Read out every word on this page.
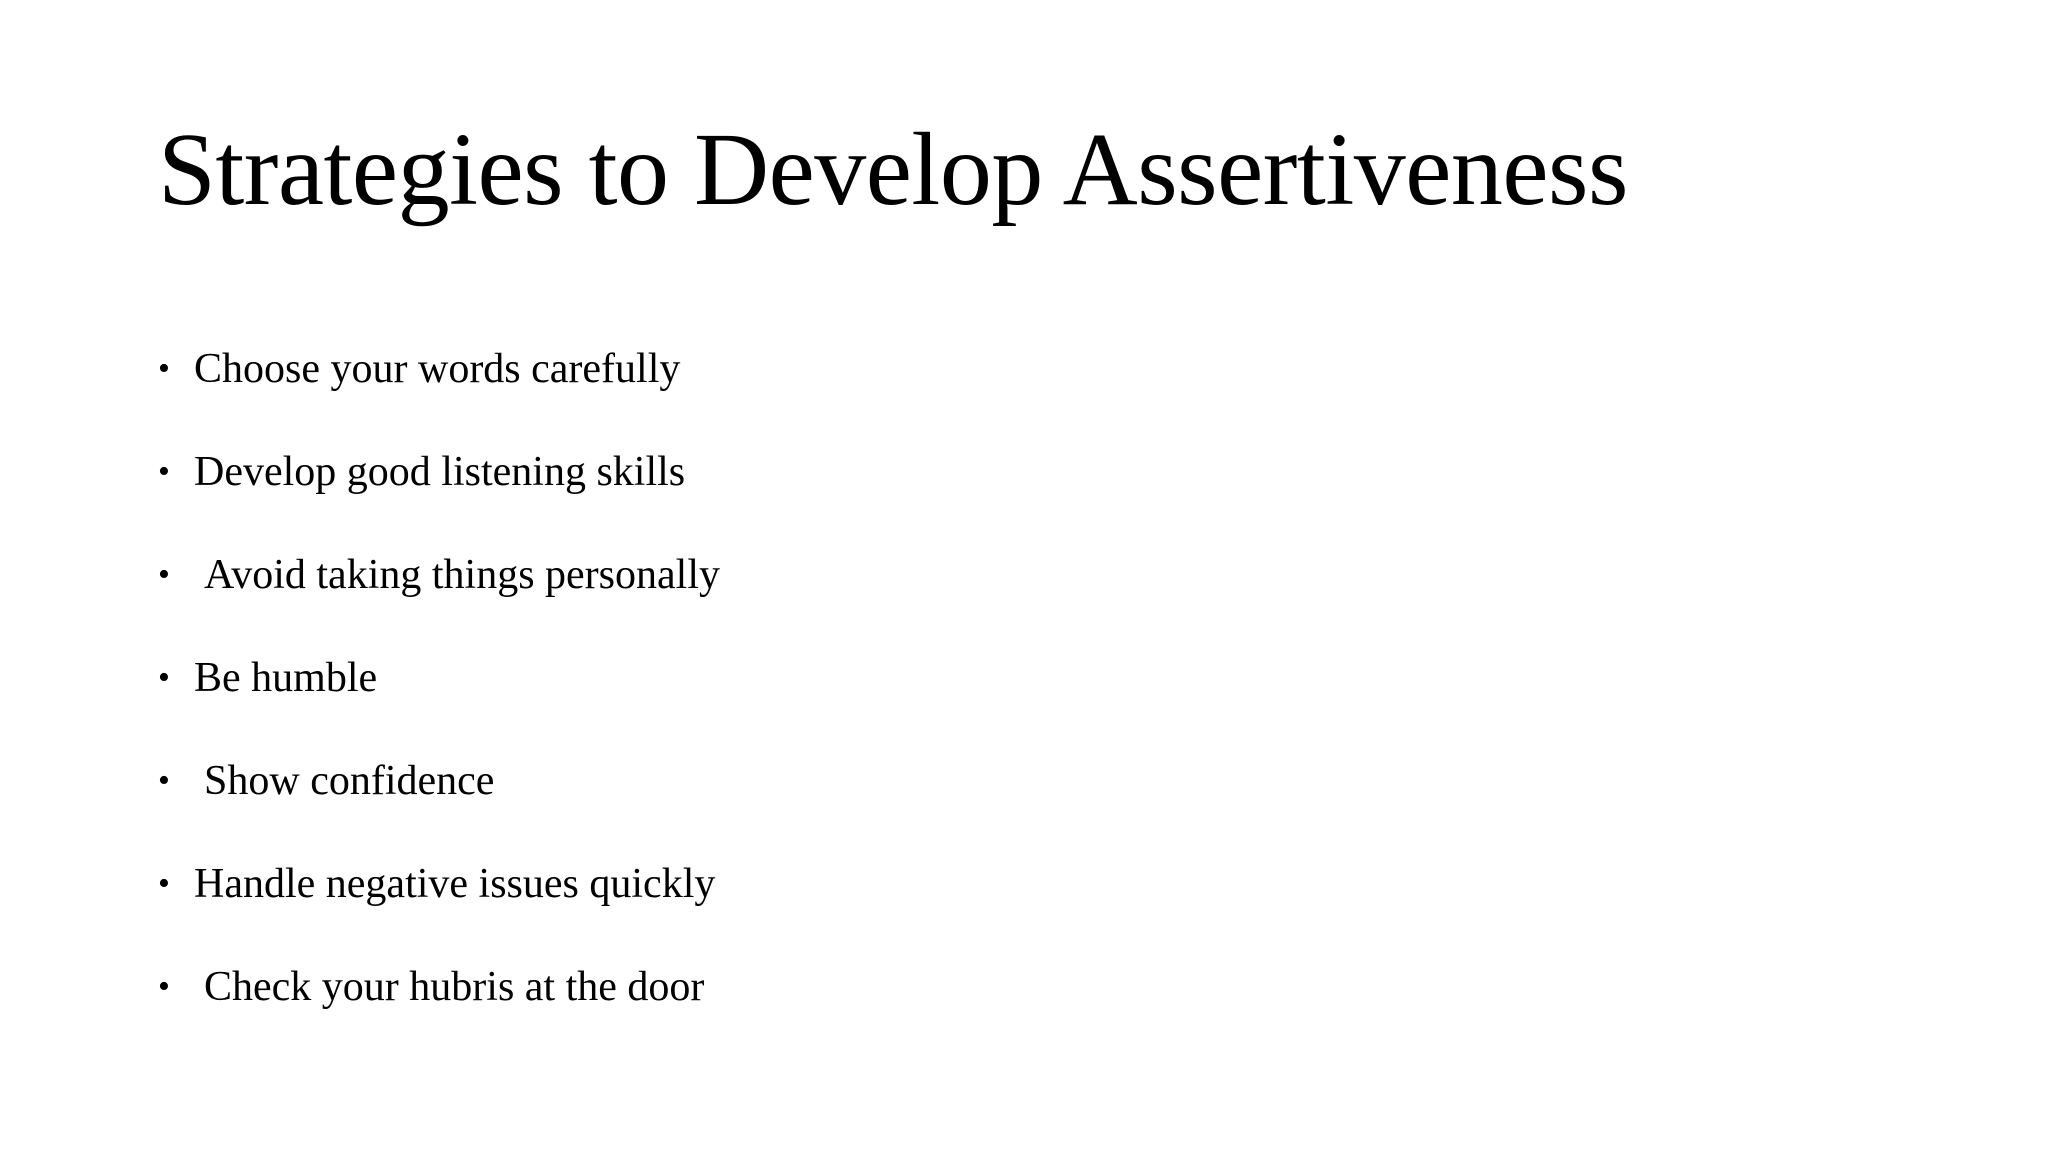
Strategies to Develop Assertiveness
• Choose your words carefully
• Develop good listening skills
• Avoid taking things personally
• Be humble
• Show confidence
• Handle negative issues quickly
• Check your hubris at the door
